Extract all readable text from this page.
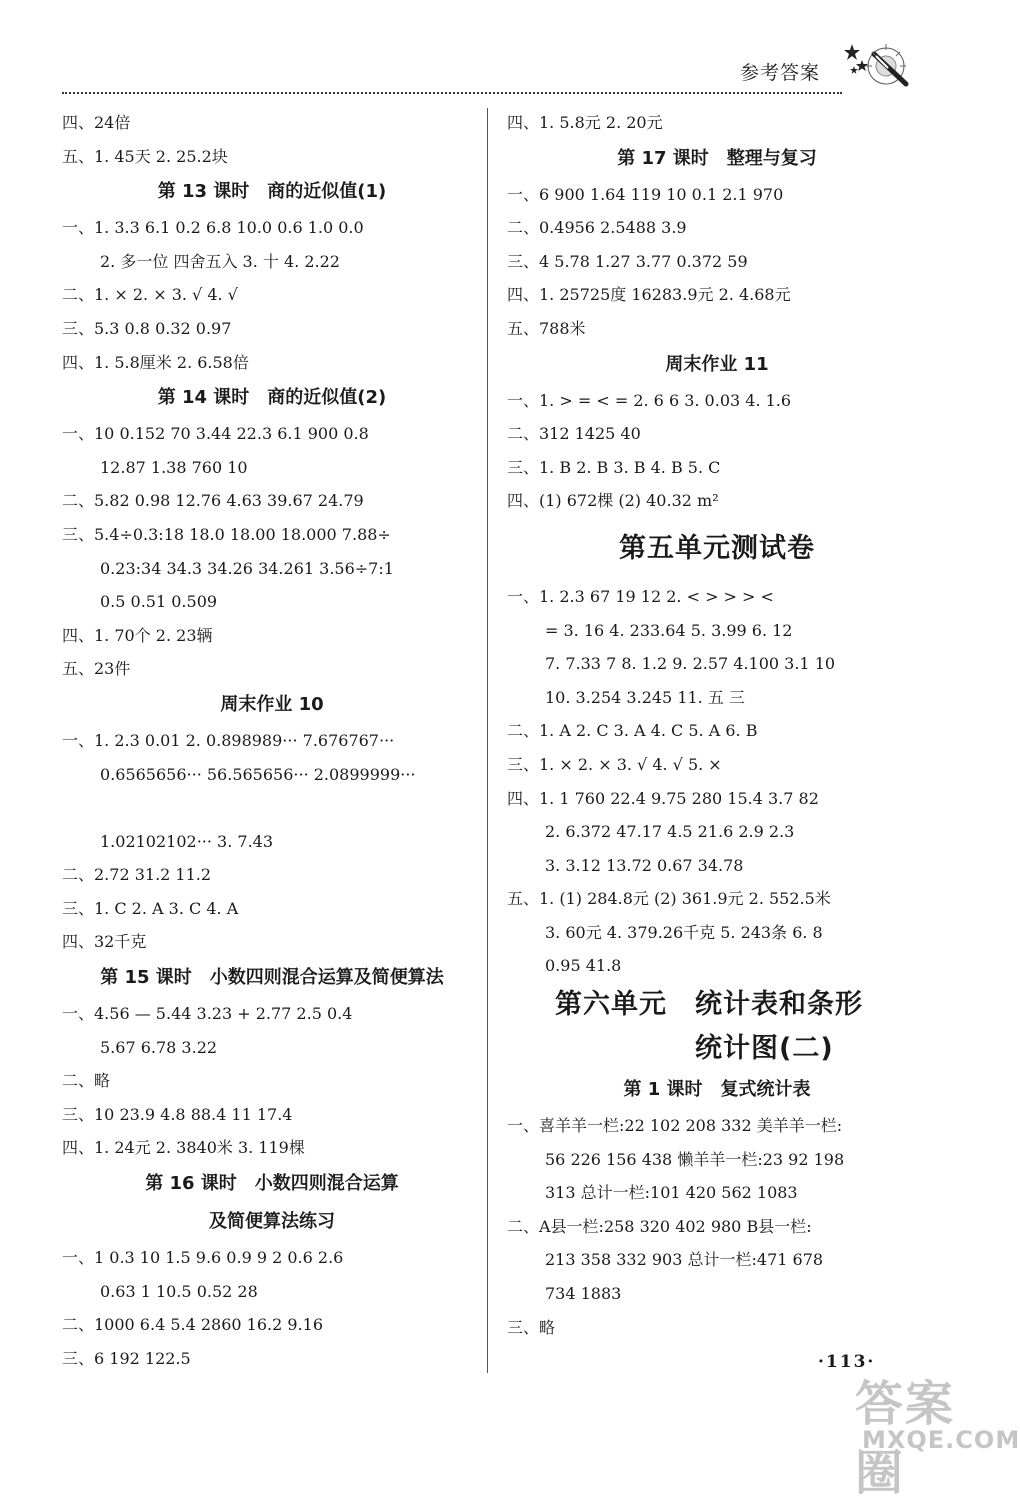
参考答案
四、24倍
五、1. 45天 2. 25.2块
第 13 课时　商的近似值(1)
一、1. 3.3 6.1 0.2 6.8 10.0 0.6 1.0 0.0
2. 多一位 四舍五入 3. 十 4. 2.22
二、1. × 2. × 3. √ 4. √
三、5.3 0.8 0.32 0.97
四、1. 5.8厘米 2. 6.58倍
第 14 课时　商的近似值(2)
一、10 0.152 70 3.44 22.3 6.1 900 0.8
12.87 1.38 760 10
二、5.82 0.98 12.76 4.63 39.67 24.79
三、5.4÷0.3:18 18.0 18.00 18.000 7.88÷
0.23:34 34.3 34.26 34.261 3.56÷7:1
0.5 0.51 0.509
四、1. 70个 2. 23辆
五、23件
周末作业 10
一、1. 2.3 0.01 2. 0.898989··· 7.676767···
0.6565656··· 56.565656··· 2.0899999···
1.02102102··· 3. 7.43
二、2.72 31.2 11.2
三、1. C 2. A 3. C 4. A
四、32千克
第 15 课时　小数四则混合运算及简便算法
一、4.56 — 5.44 3.23 + 2.77 2.5 0.4
5.67 6.78 3.22
二、略
三、10 23.9 4.8 88.4 11 17.4
四、1. 24元 2. 3840米 3. 119棵
第 16 课时　小数四则混合运算
及简便算法练习
一、1 0.3 10 1.5 9.6 0.9 9 2 0.6 2.6
0.63 1 10.5 0.52 28
二、1000 6.4 5.4 2860 16.2 9.16
三、6 192 122.5
四、1. 5.8元 2. 20元
第 17 课时　整理与复习
一、6 900 1.64 119 10 0.1 2.1 970
二、0.4956 2.5488 3.9
三、4 5.78 1.27 3.77 0.372 59
四、1. 25725度 16283.9元 2. 4.68元
五、788米
周末作业 11
一、1. > = < = 2. 6 6 3. 0.03 4. 1.6
二、312 1425 40
三、1. B 2. B 3. B 4. B 5. C
四、(1) 672棵 (2) 40.32 m²
第五单元测试卷
一、1. 2.3 67 19 12 2. < > > > <
= 3. 16 4. 233.64 5. 3.99 6. 12
7. 7.33 7 8. 1.2 9. 2.57 4.100 3.1 10
10. 3.254 3.245 11. 五 三
二、1. A 2. C 3. A 4. C 5. A 6. B
三、1. × 2. × 3. √ 4. √ 5. ×
四、1. 1 760 22.4 9.75 280 15.4 3.7 82
2. 6.372 47.17 4.5 21.6 2.9 2.3
3. 3.12 13.72 0.67 34.78
五、1. (1) 284.8元 (2) 361.9元 2. 552.5米
3. 60元 4. 379.26千克 5. 243条 6. 8
0.95 41.8
第六单元　统计表和条形
统计图(二)
第 1 课时　复式统计表
一、喜羊羊一栏:22 102 208 332 美羊羊一栏:
56 226 156 438 懒羊羊一栏:23 92 198
313 总计一栏:101 420 562 1083
二、A县一栏:258 320 402 980 B县一栏:
213 358 332 903 总计一栏:471 678
734 1883
三、略
·113·
答案圈
MXQE.COM
